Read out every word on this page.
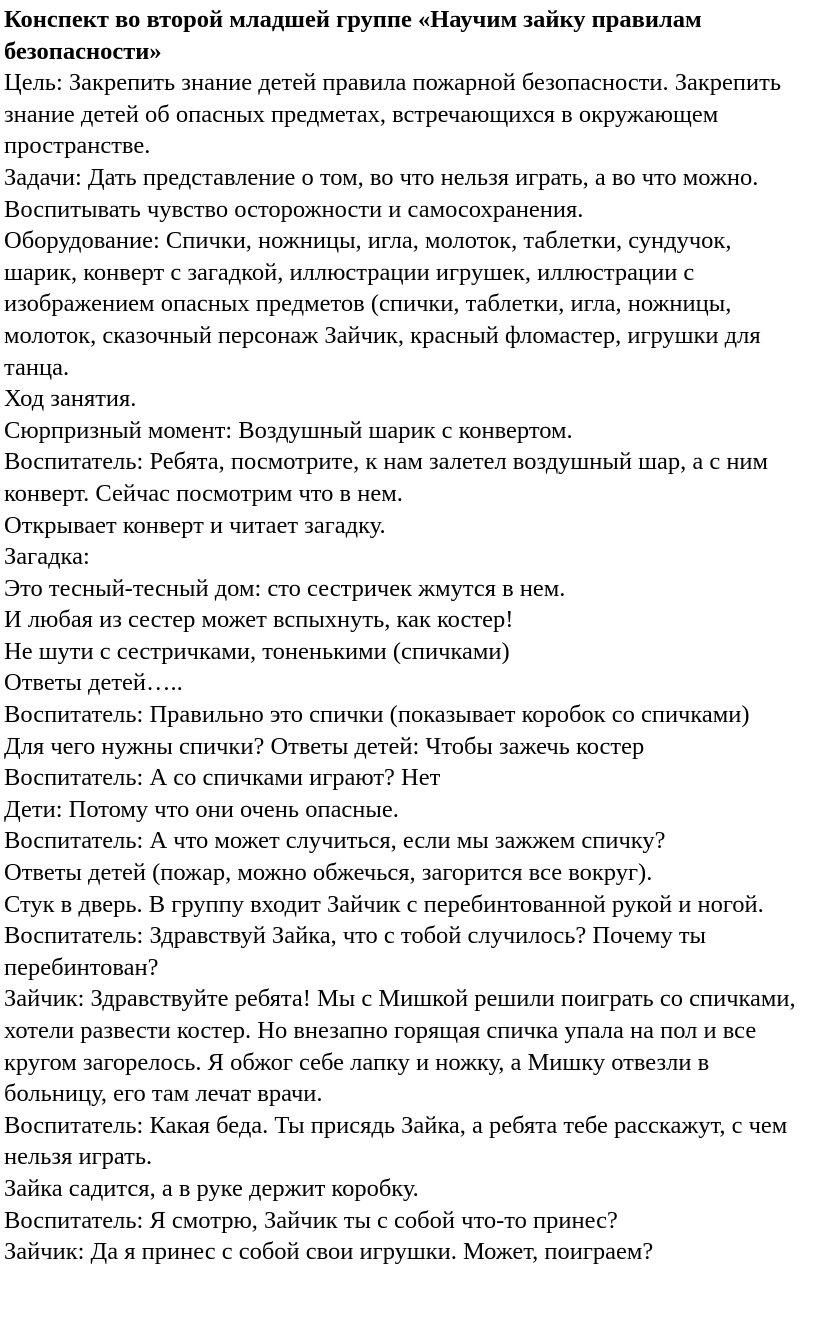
Конспект во второй младшей группе «Научим зайку правилам безопасности»

Цель: Закрепить знание детей правила пожарной безопасности. Закрепить знание детей об опасных предметах, встречающихся в окружающем пространстве.

Задачи: Дать представление о том, во что нельзя играть, а во что можно. Воспитывать чувство осторожности и самосохранения.

Оборудование: Спички, ножницы, игла, молоток, таблетки, сундучок, шарик, конверт с загадкой, иллюстрации игрушек, иллюстрации с изображением опасных предметов (спички, таблетки, игла, ножницы, молоток, сказочный персонаж Зайчик, красный фломастер, игрушки для танца.

Ход занятия.

Сюрпризный момент: Воздушный шарик с конвертом.

Воспитатель: Ребята, посмотрите, к нам залетел воздушный шар, а с ним конверт. Сейчас посмотрим что в нем.

Открывает конверт и читает загадку.

Загадка:

Это тесный-тесный дом: сто сестричек жмутся в нем.

И любая из сестер может вспыхнуть, как костер!

Не шути с сестричками, тоненькими (спичками)

Ответы детей…..

Воспитатель: Правильно это спички (показывает коробок со спичками)

Для чего нужны спички? Ответы детей: Чтобы зажечь костер

Воспитатель: А со спичками играют? Нет

Дети: Потому что они очень опасные.

Воспитатель: А что может случиться, если мы зажжем спичку?

Ответы детей (пожар, можно обжечься, загорится все вокруг).

Стук в дверь. В группу входит Зайчик с перебинтованной рукой и ногой.

Воспитатель: Здравствуй Зайка, что с тобой случилось? Почему ты перебинтован?

Зайчик: Здравствуйте ребята! Мы с Мишкой решили поиграть со спичками, хотели развести костер. Но внезапно горящая спичка упала на пол и все кругом загорелось. Я обжог себе лапку и ножку, а Мишку отвезли в больницу, его там лечат врачи.

Воспитатель: Какая беда. Ты присядь Зайка, а ребята тебе расскажут, с чем нельзя играть.

Зайка садится, а в руке держит коробку.

Воспитатель: Я смотрю, Зайчик ты с собой что-то принес?

Зайчик: Да я принес с собой свои игрушки. Может, поиграем?
